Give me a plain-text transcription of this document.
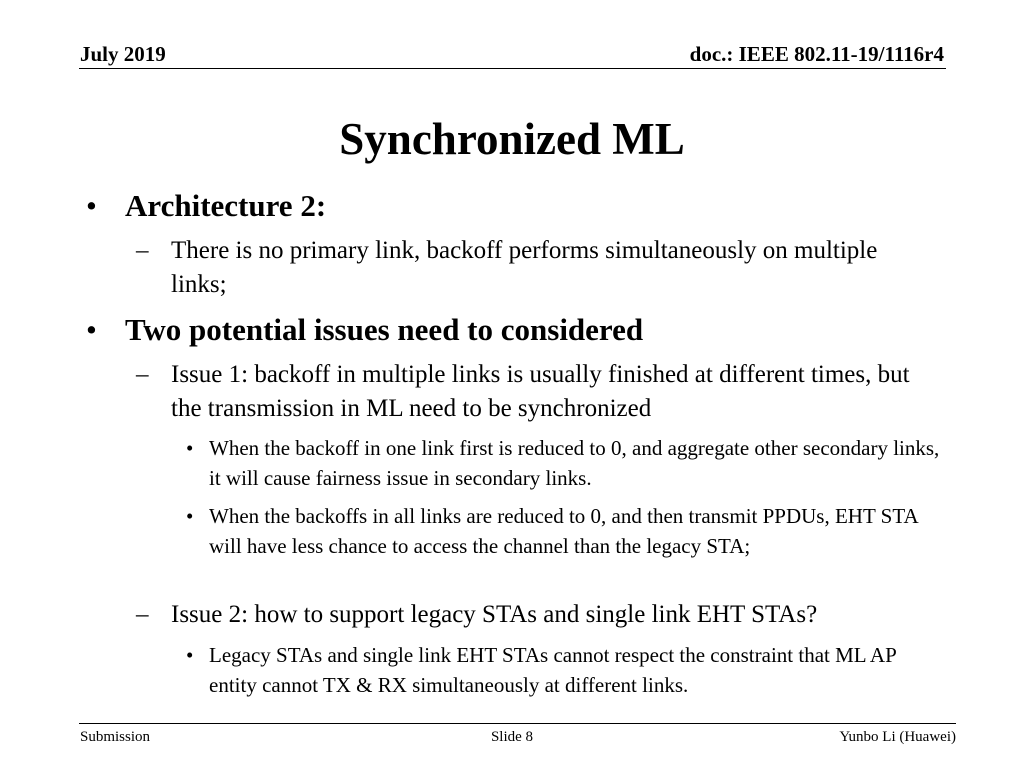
July 2019	doc.: IEEE 802.11-19/1116r4
Synchronized ML
• Architecture 2:
– There is no primary link, backoff performs simultaneously on multiple links;
• Two potential issues need to considered
– Issue 1: backoff in multiple links is usually finished at different times, but the transmission in ML need to be synchronized
• When the backoff in one link first is reduced to 0, and aggregate other secondary links, it will cause fairness issue in secondary links.
• When the backoffs in all links are reduced to 0, and then transmit PPDUs, EHT STA will have less chance to access the channel than the legacy STA;
– Issue 2: how to support legacy STAs and single link EHT STAs?
• Legacy STAs and single link EHT STAs cannot respect the constraint that ML AP entity cannot TX & RX simultaneously at different links.
Submission	Slide 8	Yunbo Li (Huawei)
